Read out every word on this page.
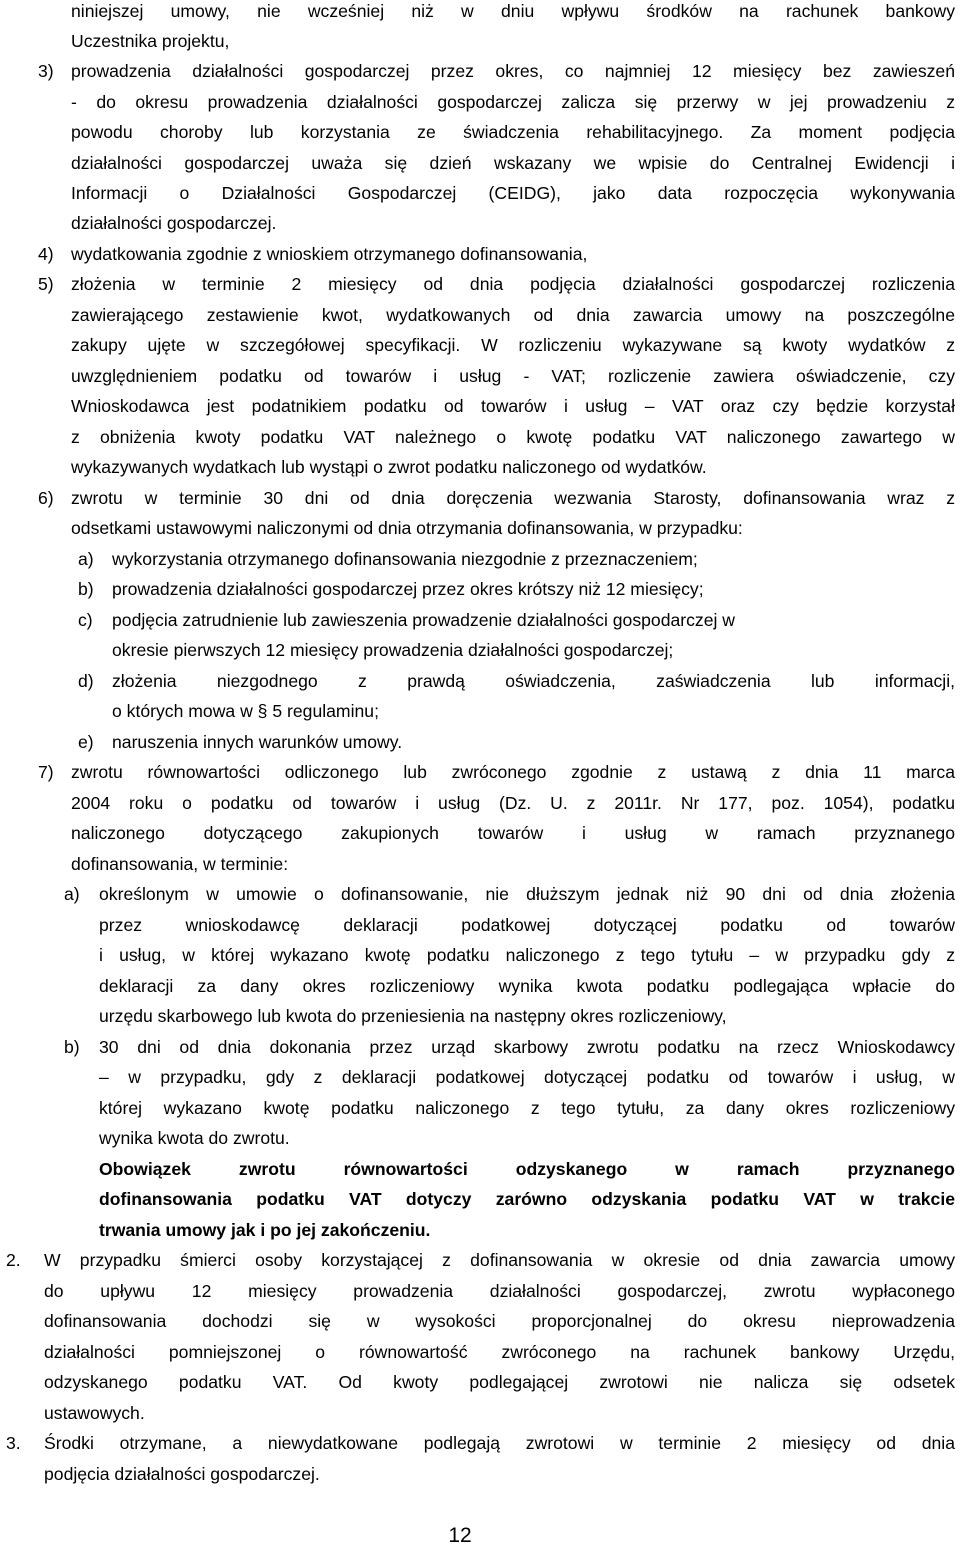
niniejszej umowy, nie wcześniej niż w dniu wpływu środków na rachunek bankowy
Uczestnika projektu,
3) prowadzenia działalności gospodarczej przez okres, co najmniej 12 miesięcy bez zawieszeń
- do okresu prowadzenia działalności gospodarczej zalicza się przerwy w jej prowadzeniu z
powodu choroby lub korzystania ze świadczenia rehabilitacyjnego. Za moment podjęcia
działalności gospodarczej uważa się dzień wskazany we wpisie do Centralnej Ewidencji i
Informacji o Działalności Gospodarczej (CEIDG), jako data rozpoczęcia wykonywania
działalności gospodarczej.
4) wydatkowania zgodnie z wnioskiem otrzymanego dofinansowania,
5) złożenia w terminie 2 miesięcy od dnia podjęcia działalności gospodarczej rozliczenia
zawierającego zestawienie kwot, wydatkowanych od dnia zawarcia umowy na poszczególne
zakupy ujęte w szczegółowej specyfikacji. W rozliczeniu wykazywane są kwoty wydatków z
uwzględnieniem podatku od towarów i usług - VAT; rozliczenie zawiera oświadczenie, czy
Wnioskodawca jest podatnikiem podatku od towarów i usług – VAT oraz czy będzie korzystał
z obniżenia kwoty podatku VAT należnego o kwotę podatku VAT naliczonego zawartego w
wykazywanych wydatkach lub wystąpi o zwrot podatku naliczonego od wydatków.
6) zwrotu w terminie 30 dni od dnia doręczenia wezwania Starosty, dofinansowania wraz z
odsetkami ustawowymi naliczonymi od dnia otrzymania dofinansowania, w przypadku:
a) wykorzystania otrzymanego dofinansowania niezgodnie z przeznaczeniem;
b) prowadzenia działalności gospodarczej przez okres krótszy niż 12 miesięcy;
c) podjęcia zatrudnienie lub zawieszenia prowadzenie działalności gospodarczej w
okresie pierwszych 12 miesięcy prowadzenia działalności gospodarczej;
d) złożenia niezgodnego z prawdą oświadczenia, zaświadczenia lub informacji,
o których mowa w § 5 regulaminu;
e) naruszenia innych warunków umowy.
7) zwrotu równowartości odliczonego lub zwróconego zgodnie z ustawą z dnia 11 marca
2004 roku o podatku od towarów i usług (Dz. U. z 2011r. Nr 177, poz. 1054), podatku
naliczonego dotyczącego zakupionych towarów i usług w ramach przyznanego
dofinansowania, w terminie:
a) określonym w umowie o dofinansowanie, nie dłuższym jednak niż 90 dni od dnia złożenia
przez wnioskodawcę deklaracji podatkowej dotyczącej podatku od towarów
i usług, w której wykazano kwotę podatku naliczonego z tego tytułu – w przypadku gdy z
deklaracji za dany okres rozliczeniowy wynika kwota podatku podlegająca wpłacie do
urzędu skarbowego lub kwota do przeniesienia na następny okres rozliczeniowy,
b) 30 dni od dnia dokonania przez urząd skarbowy zwrotu podatku na rzecz Wnioskodawcy
– w przypadku, gdy z deklaracji podatkowej dotyczącej podatku od towarów i usług, w
której wykazano kwotę podatku naliczonego z tego tytułu, za dany okres rozliczeniowy
wynika kwota do zwrotu.
Obowiązek zwrotu równowartości odzyskanego w ramach przyznanego
dofinansowania podatku VAT dotyczy zarówno odzyskania podatku VAT w trakcie
trwania umowy jak i po jej zakończeniu.
2. W przypadku śmierci osoby korzystającej z dofinansowania w okresie od dnia zawarcia umowy
do upływu 12 miesięcy prowadzenia działalności gospodarczej, zwrotu wypłaconego
dofinansowania dochodzi się w wysokości proporcjonalnej do okresu nieprowadzenia
działalności pomniejszonej o równowartość zwróconego na rachunek bankowy Urzędu,
odzyskanego podatku VAT. Od kwoty podlegającej zwrotowi nie nalicza się odsetek
ustawowych.
3. Środki otrzymane, a niewydatkowane podlegają zwrotowi w terminie 2 miesięcy od dnia
podjęcia działalności gospodarczej.
12
